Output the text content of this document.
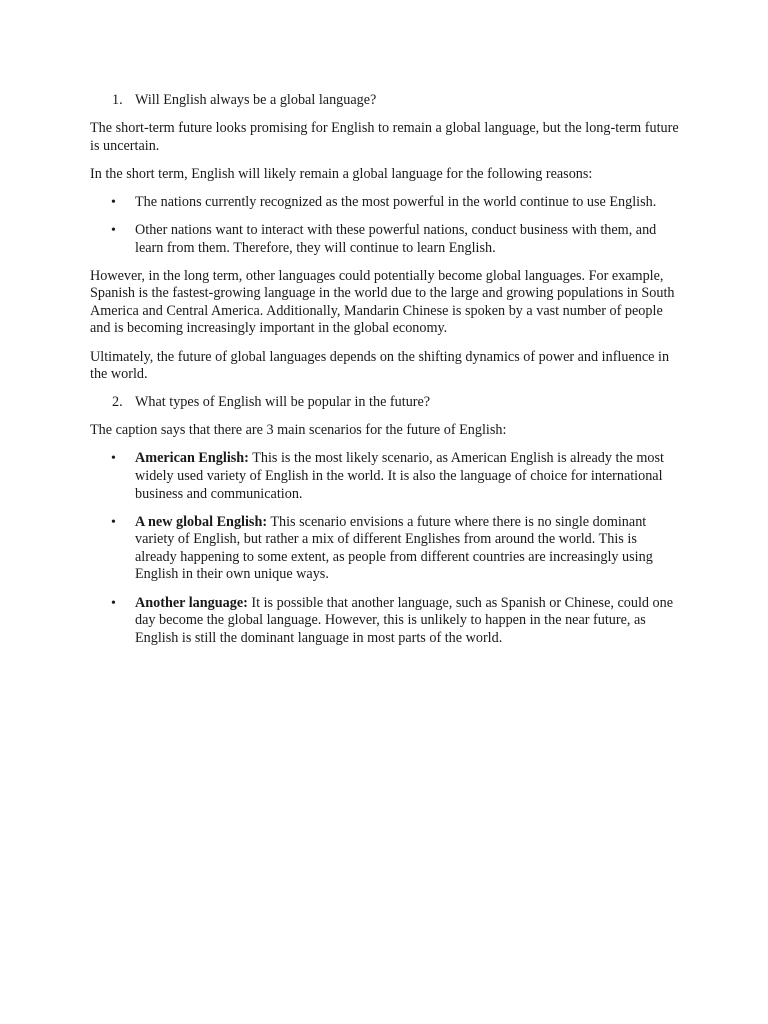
1. Will English always be a global language?

The short-term future looks promising for English to remain a global language, but the long-term future is uncertain.

In the short term, English will likely remain a global language for the following reasons:

• The nations currently recognized as the most powerful in the world continue to use English.
• Other nations want to interact with these powerful nations, conduct business with them, and learn from them. Therefore, they will continue to learn English.

However, in the long term, other languages could potentially become global languages. For example, Spanish is the fastest-growing language in the world due to the large and growing populations in South America and Central America. Additionally, Mandarin Chinese is spoken by a vast number of people and is becoming increasingly important in the global economy.

Ultimately, the future of global languages depends on the shifting dynamics of power and influence in the world.

2. What types of English will be popular in the future?

The caption says that there are 3 main scenarios for the future of English:

• American English: This is the most likely scenario, as American English is already the most widely used variety of English in the world. It is also the language of choice for international business and communication.
• A new global English: This scenario envisions a future where there is no single dominant variety of English, but rather a mix of different Englishes from around the world. This is already happening to some extent, as people from different countries are increasingly using English in their own unique ways.
• Another language: It is possible that another language, such as Spanish or Chinese, could one day become the global language. However, this is unlikely to happen in the near future, as English is still the dominant language in most parts of the world.
